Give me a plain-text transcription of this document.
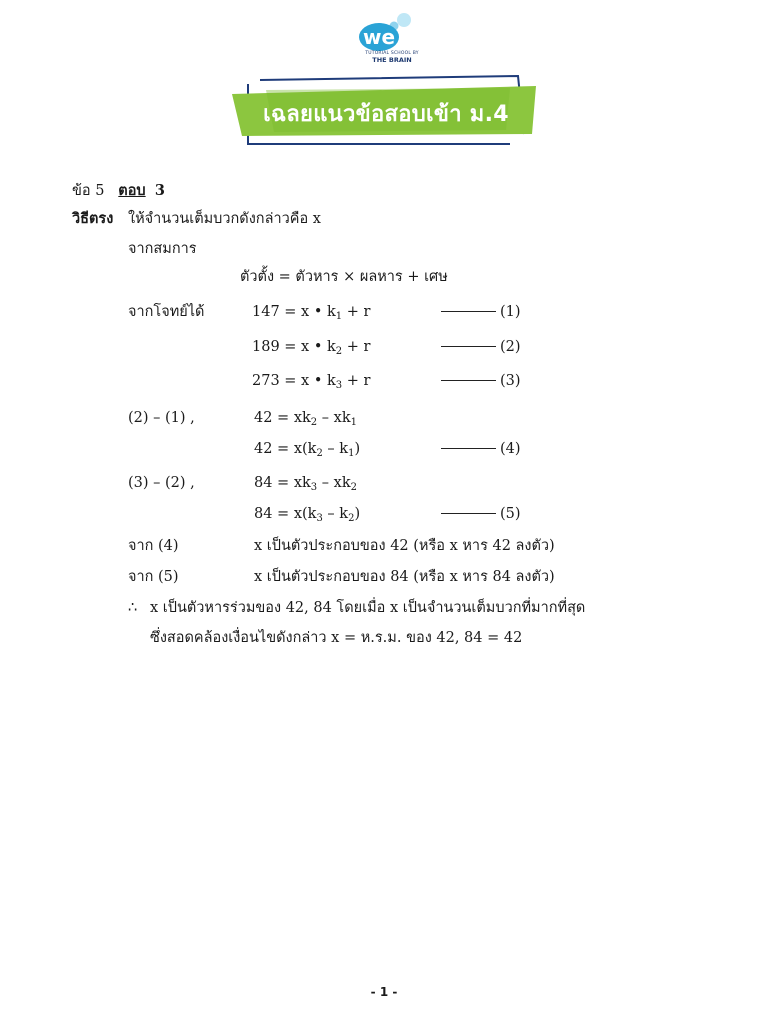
we
TUTORIAL SCHOOL BY
THE BRAIN
เฉลยแนวข้อสอบเข้า ม.4
ข้อ 5 ตอบ 3
วิธีตรง ให้จำนวนเต็มบวกดังกล่าวคือ x
จากสมการ
ตัวตั้ง = ตัวหาร × ผลหาร + เศษ
จากโจทย์ได้	147 = x • $k_1 + r$	(1)
189 = x • $k_2 + r$	(2)
273 = x • $k_3 + r$	(3)
(2) – (1) ,	$42 = xk_2 - xk_1$
$42 = x(k_2 - k_1)$	(4)
(3) – (2) ,	$84 = xk_3 - xk_2$
$84 = x(k_3 - k_2)$	(5)
จาก (4)	x เป็นตัวประกอบของ 42 (หรือ x หาร 42 ลงตัว)
จาก (5)	x เป็นตัวประกอบของ 84 (หรือ x หาร 84 ลงตัว)
∴ x เป็นตัวหารร่วมของ 42, 84 โดยเมื่อ x เป็นจำนวนเต็มบวกที่มากที่สุด
ซึ่งสอดคล้องเงื่อนไขดังกล่าว x = ห.ร.ม. ของ 42, 84 = 42
- 1 -
